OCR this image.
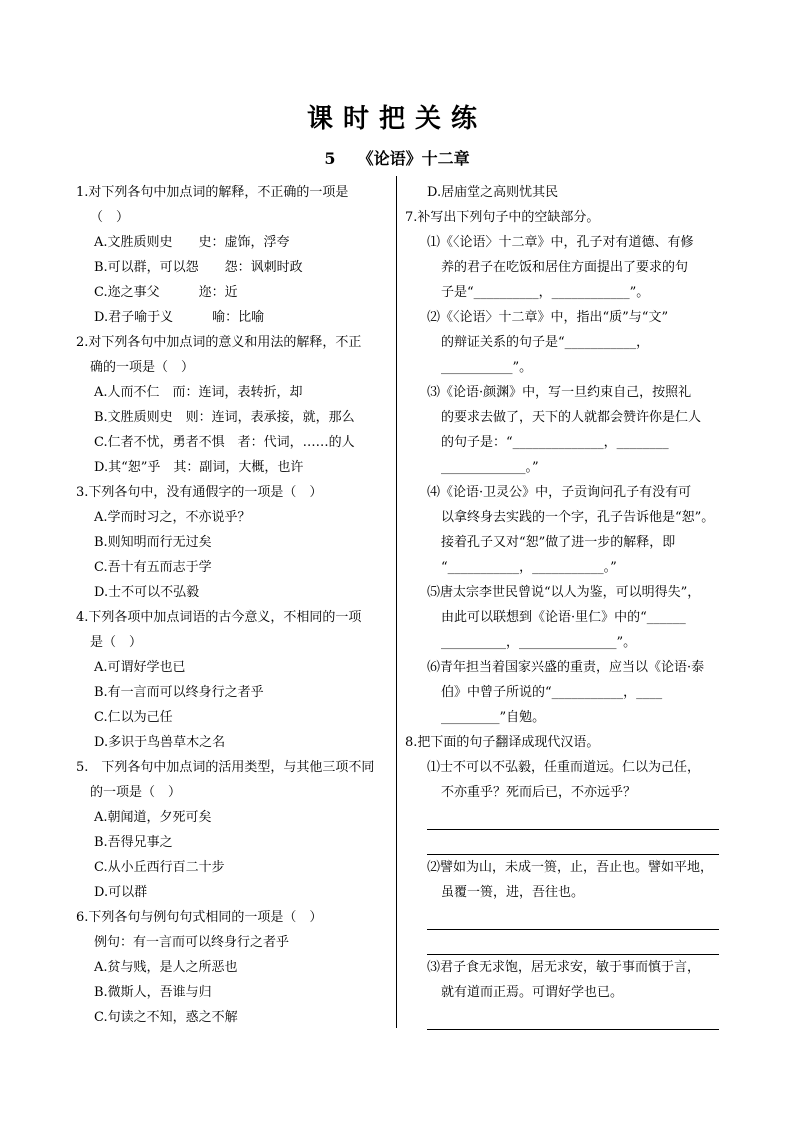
课时把关练
5 《论语》十二章
1.对下列各句中加点词的解释，不正确的一项是
（　）
A.文胜质则史　　史：虚饰，浮夸
B.可以群，可以怨　　怨：讽刺时政
C.迩之事父　　　迩：近
D.君子喻于义　　　喻：比喻
2.对下列各句中加点词的意义和用法的解释，不正
确的一项是（　）
A.人而不仁　而：连词，表转折，却
B.文胜质则史　则：连词，表承接，就，那么
C.仁者不忧，勇者不惧　者：代词，……的人
D.其“恕”乎　其：副词，大概，也许
3.下列各句中，没有通假字的一项是（　）
A.学而时习之，不亦说乎？
B.则知明而行无过矣
C.吾十有五而志于学
D.士不可以不弘毅
4.下列各项中加点词语的古今意义，不相同的一项
是（　）
A.可谓好学也已
B.有一言而可以终身行之者乎
C.仁以为己任
D.多识于鸟兽草木之名
5.　下列各句中加点词的活用类型，与其他三项不同
的一项是（　）
A.朝闻道，夕死可矣
B.吾得兄事之
C.从小丘西行百二十步
D.可以群
6.下列各句与例句句式相同的一项是（　）
例句：有一言而可以终身行之者乎
A.贫与贱，是人之所恶也
B.微斯人，吾谁与归
C.句读之不知，惑之不解
D.居庙堂之高则忧其民
7.补写出下列句子中的空缺部分。
⑴《〈论语〉十二章》中，孔子对有道德、有修
养的君子在吃饭和居住方面提出了要求的句
子是“__________，____________”。
⑵《〈论语〉十二章》中，指出“质”与“文”
的辩证关系的句子是“___________，
___________”。
⑶《论语·颜渊》中，写一旦约束自己，按照礼
的要求去做了，天下的人就都会赞许你是仁人
的句子是：“______________，________
_____________。”
⑷《论语·卫灵公》中，子贡询问孔子有没有可
以拿终身去实践的一个字，孔子告诉他是“恕”。
接着孔子又对“恕”做了进一步的解释，即
“___________，___________。”
⑸唐太宗李世民曾说“以人为鉴，可以明得失”，
由此可以联想到《论语·里仁》中的“______
__________，_______________”。
⑹青年担当着国家兴盛的重责，应当以《论语·泰
伯》中曾子所说的“___________，____
_________”自勉。
8.把下面的句子翻译成现代汉语。
⑴士不可以不弘毅，任重而道远。仁以为己任，
不亦重乎？死而后已，不亦远乎？
⑵譬如为山，未成一篑，止，吾止也。譬如平地，
虽覆一篑，进，吾往也。
⑶君子食无求饱，居无求安，敏于事而慎于言，
就有道而正焉。可谓好学也已。
